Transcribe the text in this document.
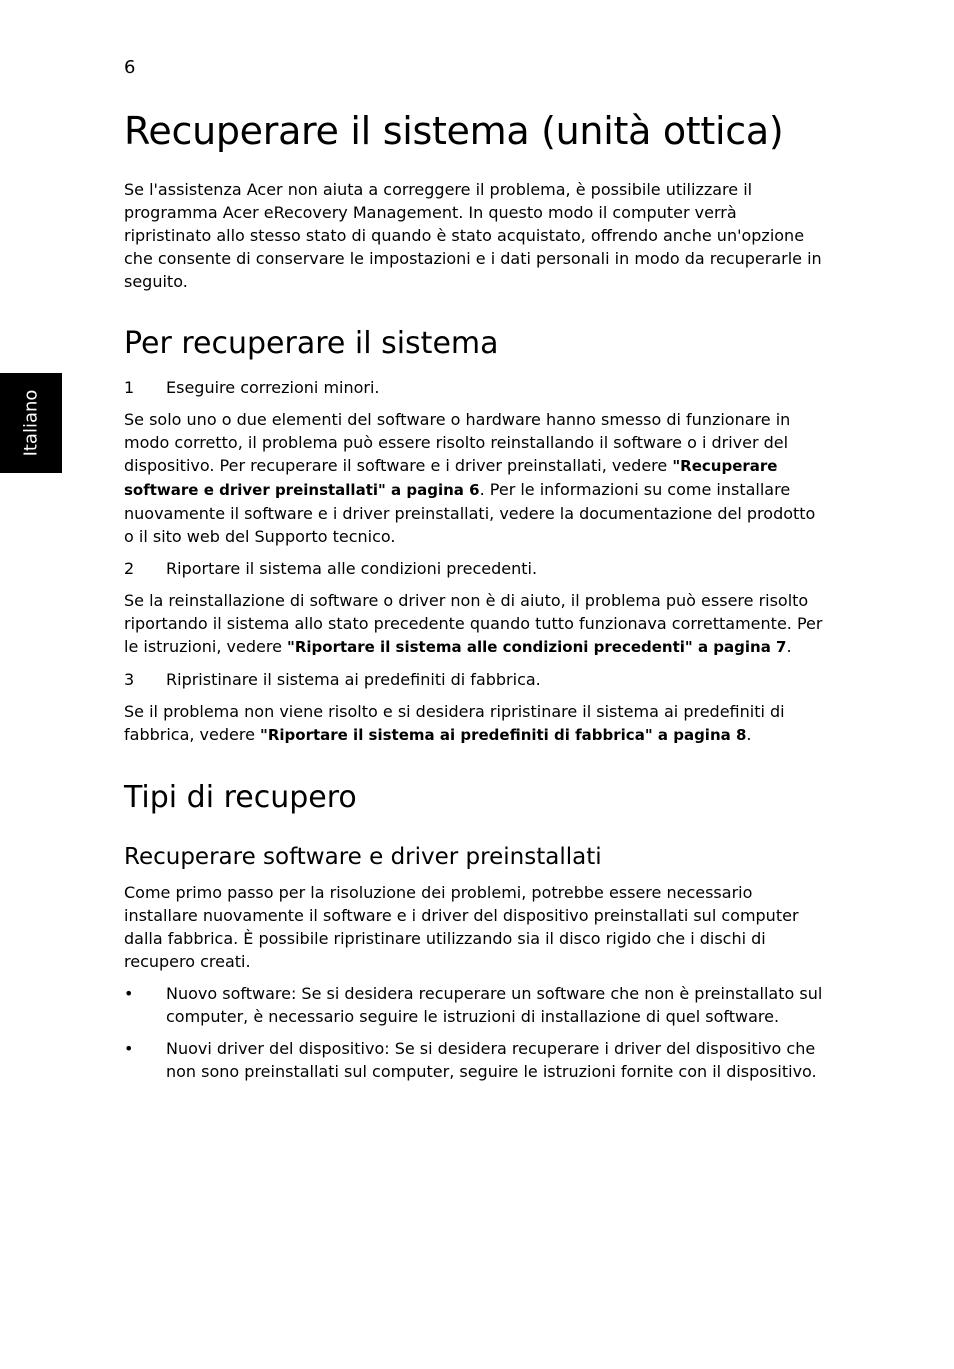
6
Italiano
Recuperare il sistema (unità ottica)

Se l'assistenza Acer non aiuta a correggere il problema, è possibile utilizzare il programma Acer eRecovery Management. In questo modo il computer verrà ripristinato allo stesso stato di quando è stato acquistato, offrendo anche un'opzione che consente di conservare le impostazioni e i dati personali in modo da recuperarle in seguito.

Per recuperare il sistema
1	Eseguire correzioni minori.

Se solo uno o due elementi del software o hardware hanno smesso di funzionare in modo corretto, il problema può essere risolto reinstallando il software o i driver del dispositivo. Per recuperare il software e i driver preinstallati, vedere "Recuperare software e driver preinstallati" a pagina 6. Per le informazioni su come installare nuovamente il software e i driver preinstallati, vedere la documentazione del prodotto o il sito web del Supporto tecnico.

2	Riportare il sistema alle condizioni precedenti.

Se la reinstallazione di software o driver non è di aiuto, il problema può essere risolto riportando il sistema allo stato precedente quando tutto funzionava correttamente. Per le istruzioni, vedere "Riportare il sistema alle condizioni precedenti" a pagina 7.

3	Ripristinare il sistema ai predefiniti di fabbrica.

Se il problema non viene risolto e si desidera ripristinare il sistema ai predefiniti di fabbrica, vedere "Riportare il sistema ai predefiniti di fabbrica" a pagina 8.

Tipi di recupero
Recuperare software e driver preinstallati

Come primo passo per la risoluzione dei problemi, potrebbe essere necessario installare nuovamente il software e i driver del dispositivo preinstallati sul computer dalla fabbrica. È possibile ripristinare utilizzando sia il disco rigido che i dischi di recupero creati.

•	Nuovo software: Se si desidera recuperare un software che non è preinstallato sul computer, è necessario seguire le istruzioni di installazione di quel software.
•	Nuovi driver del dispositivo: Se si desidera recuperare i driver del dispositivo che non sono preinstallati sul computer, seguire le istruzioni fornite con il dispositivo.
